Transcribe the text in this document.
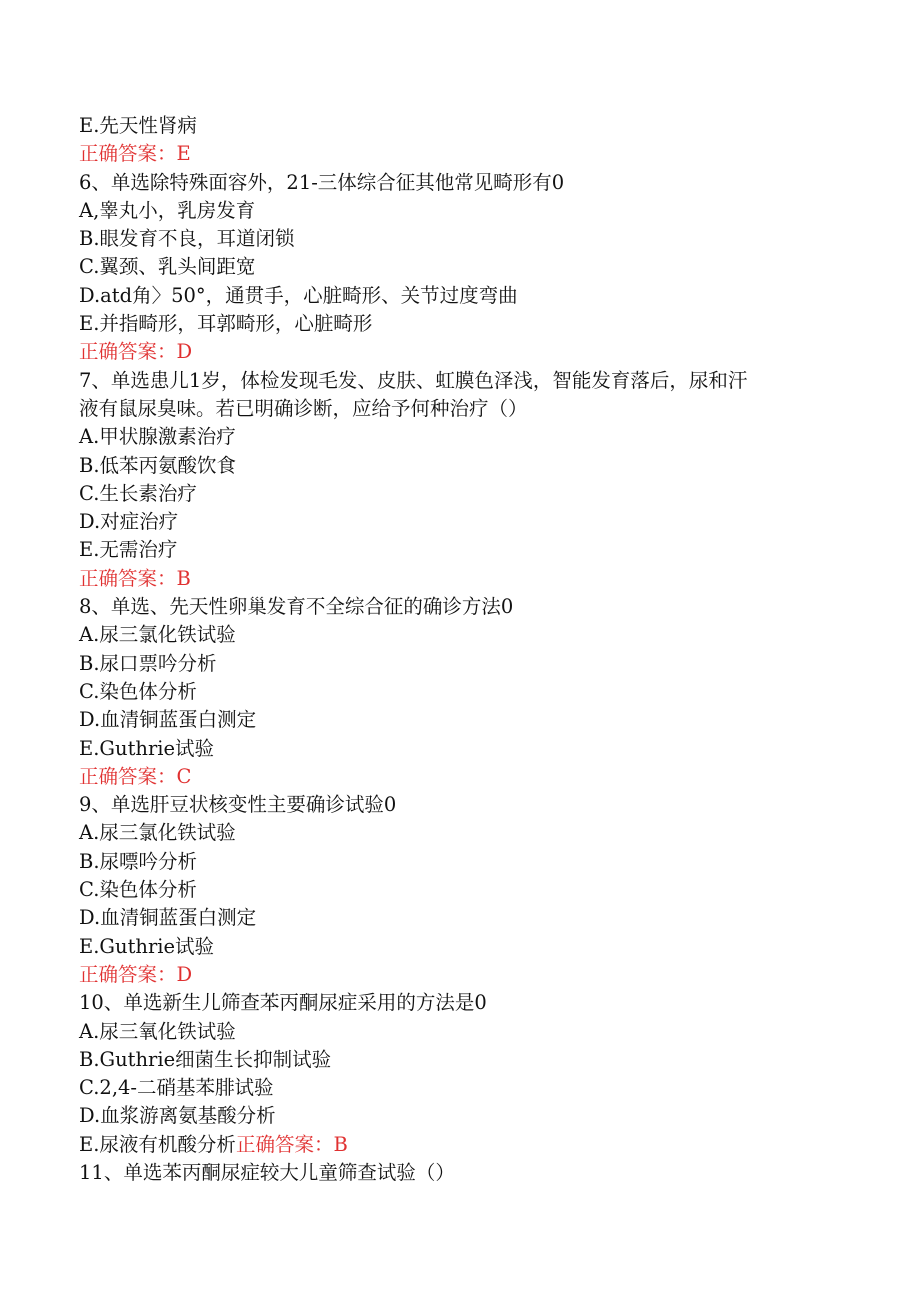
E.先天性肾病
正确答案：E
6、单选除特殊面容外，21-三体综合征其他常见畸形有0
A,睾丸小，乳房发育
B.眼发育不良，耳道闭锁
C.翼颈、乳头间距宽
D.atd角〉50°，通贯手，心脏畸形、关节过度弯曲
E.并指畸形，耳郭畸形，心脏畸形
正确答案：D
7、单选患儿1岁，体检发现毛发、皮肤、虹膜色泽浅，智能发育落后，尿和汗
液有鼠尿臭味。若已明确诊断，应给予何种治疗（）
A.甲状腺激素治疗
B.低苯丙氨酸饮食
C.生长素治疗
D.对症治疗
E.无需治疗
正确答案：B
8、单选、先天性卵巢发育不全综合征的确诊方法0
A.尿三氯化铁试验
B.尿口票吟分析
C.染色体分析
D.血清铜蓝蛋白测定
E.Guthrie试验
正确答案：C
9、单选肝豆状核变性主要确诊试验0
A.尿三氯化铁试验
B.尿嘌吟分析
C.染色体分析
D.血清铜蓝蛋白测定
E.Guthrie试验
正确答案：D
10、单选新生儿筛查苯丙酮尿症采用的方法是0
A.尿三氧化铁试验
B.Guthrie细菌生长抑制试验
C.2,4-二硝基苯腓试验
D.血浆游离氨基酸分析
E.尿液有机酸分析正确答案：B
11、单选苯丙酮尿症较大儿童筛查试验（）
